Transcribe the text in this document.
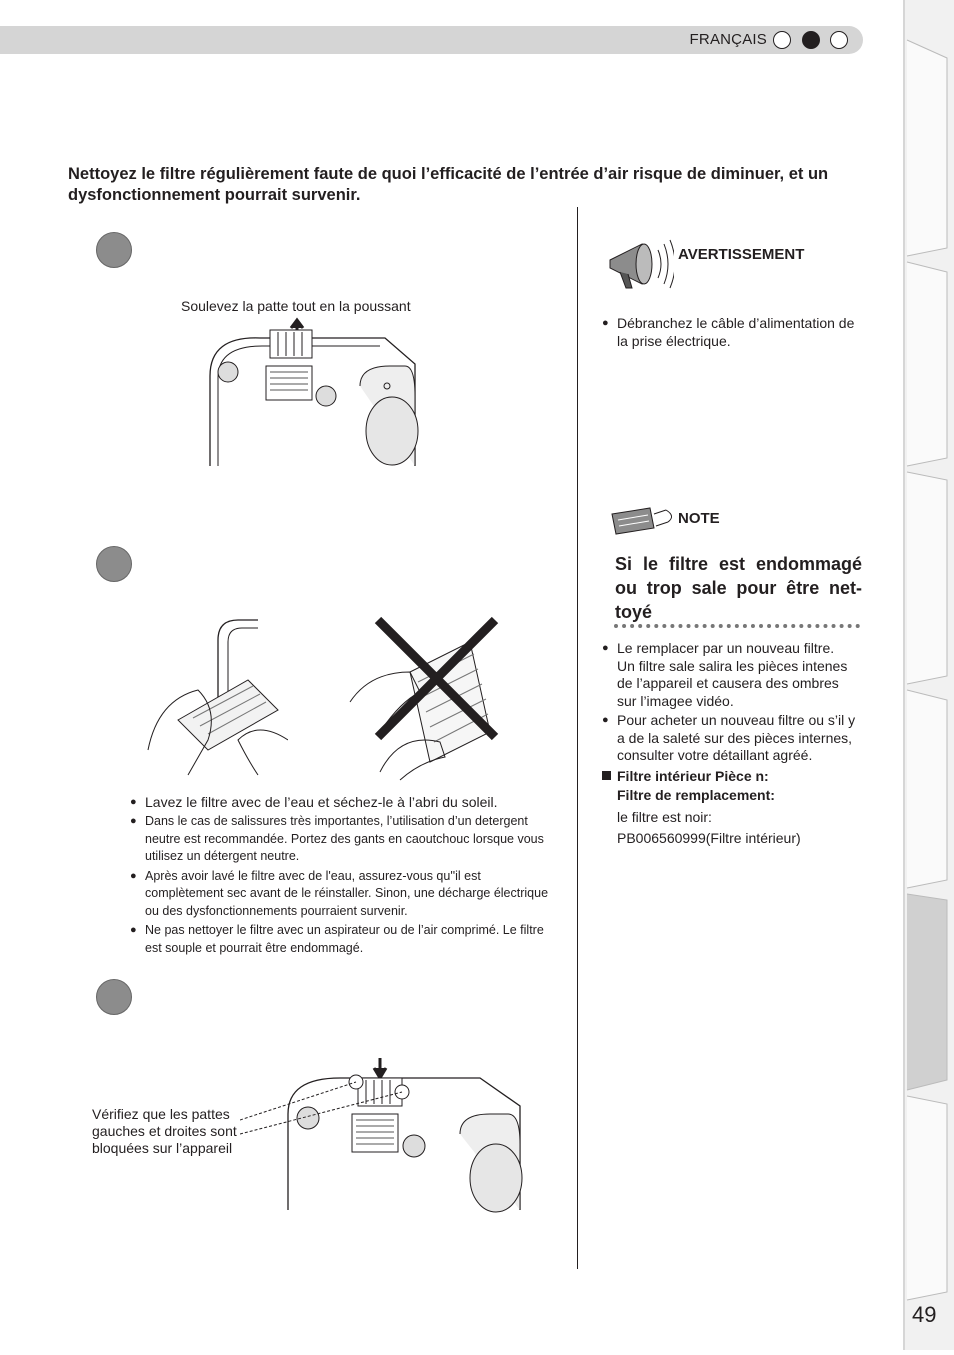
49
FRANÇAIS
Nettoyez le filtre régulièrement faute de quoi l’efficacité de l’entrée d’air risque de diminuer, et un dysfonctionnement pourrait survenir.
Soulevez la patte tout en la poussant
● Lavez le filtre avec de l’eau et séchez-le à l’abri du soleil.
● Dans le cas de salissures très importantes, l’utilisation d’un detergent neutre est recommandée. Portez des gants en caoutchouc lorsque vous utilisez un détergent neutre.
● Après avoir lavé le filtre avec de l'eau, assurez-vous qu''il est complètement sec avant de le réinstaller. Sinon, une décharge électrique ou des dysfonctionnements pourraient survenir.
● Ne pas nettoyer le filtre avec un aspirateur ou de l’air comprimé. Le filtre est souple et pourrait être endommagé.
Vérifiez que les pattes gauches et droites sont bloquées sur l’appareil
AVERTISSEMENT
● Débranchez le câble d’alimentation de la prise électrique.
NOTE
Si le filtre est endommagé ou trop sale pour être net-toyé
● Le remplacer par un nouveau filtre.
Un filtre sale salira les pièces intenes de l’appareil et causera des ombres sur l’imagee vidéo.
● Pour acheter un nouveau filtre ou s’il y a de la saleté sur des pièces internes, consulter votre détaillant agréé.
Filtre intérieur Pièce n:
Filtre de remplacement:
le filtre est noir:
PB006560999(Filtre intérieur)
